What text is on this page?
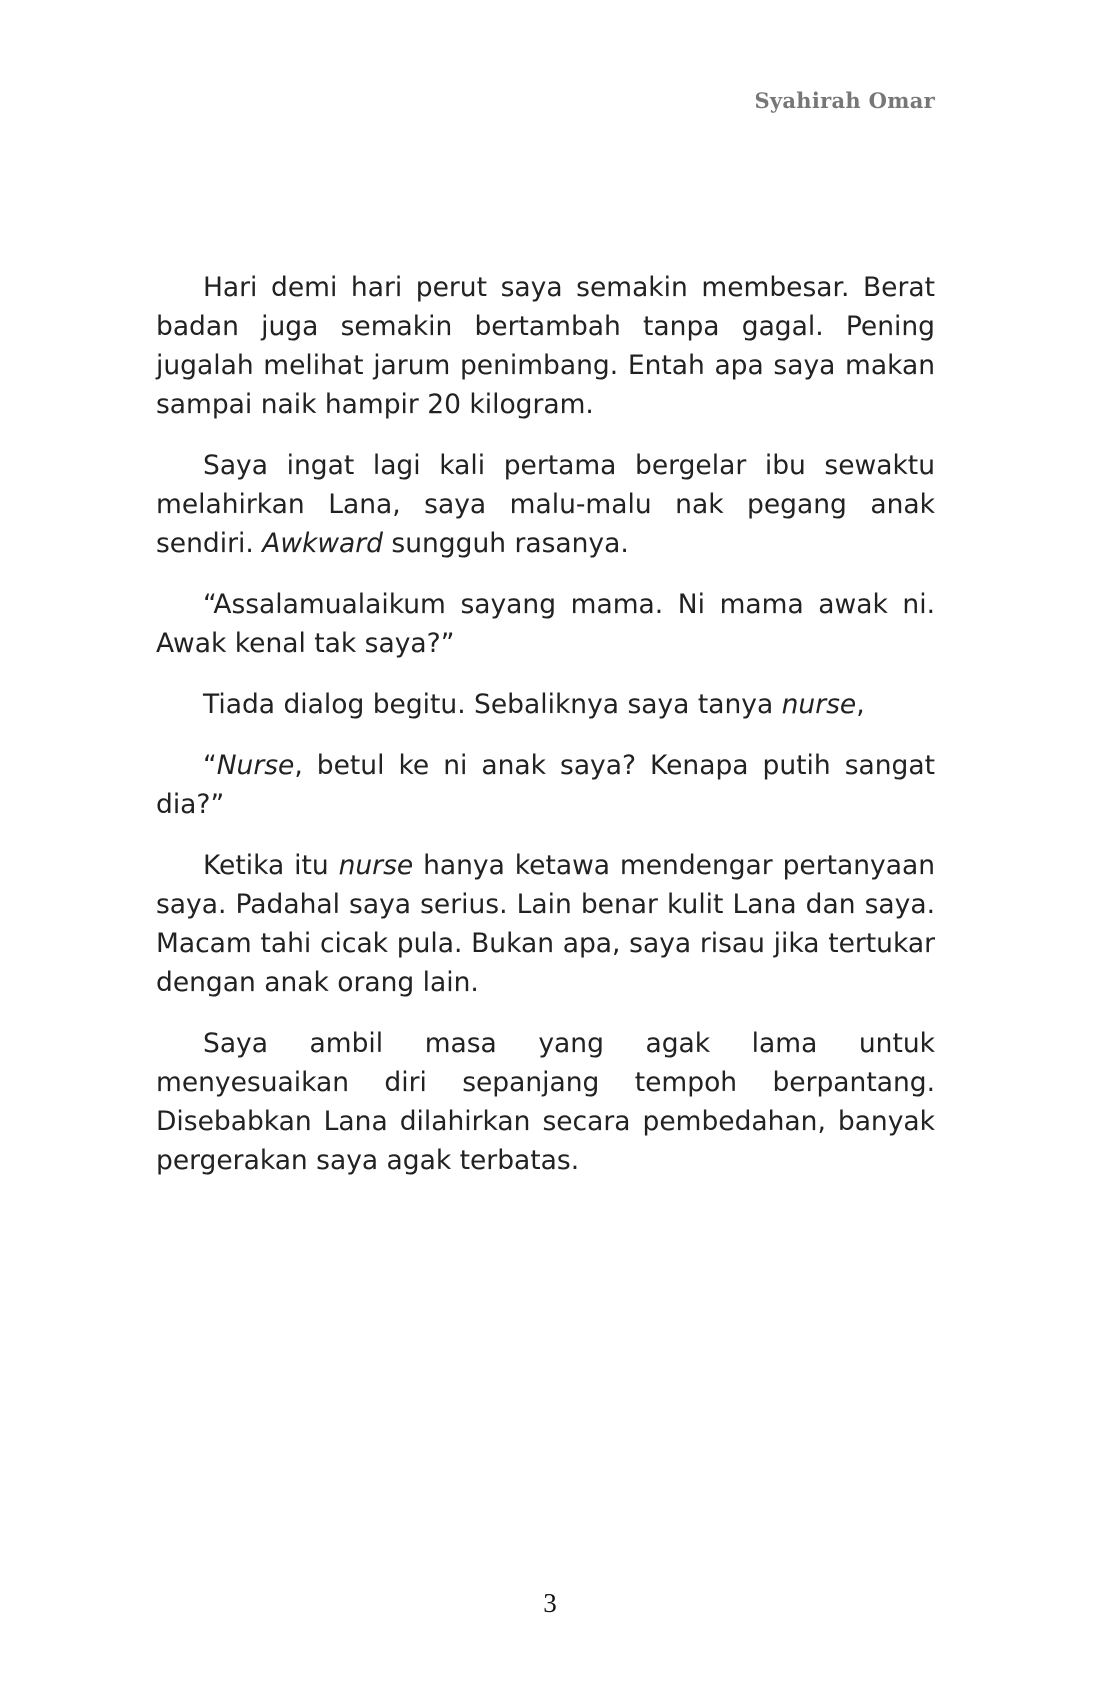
Syahirah Omar

Hari demi hari perut saya semakin membesar. Berat badan juga semakin bertambah tanpa gagal. Pening jugalah melihat jarum penimbang. Entah apa saya makan sampai naik hampir 20 kilogram.

Saya ingat lagi kali pertama bergelar ibu sewaktu melahirkan Lana, saya malu-malu nak pegang anak sendiri. Awkward sungguh rasanya.

“Assalamualaikum sayang mama. Ni mama awak ni. Awak kenal tak saya?”

Tiada dialog begitu. Sebaliknya saya tanya nurse,

“Nurse, betul ke ni anak saya? Kenapa putih sangat dia?”

Ketika itu nurse hanya ketawa mendengar pertanyaan saya. Padahal saya serius. Lain benar kulit Lana dan saya. Macam tahi cicak pula. Bukan apa, saya risau jika tertukar dengan anak orang lain.

Saya ambil masa yang agak lama untuk menyesuaikan diri sepanjang tempoh berpantang. Disebabkan Lana dilahirkan secara pembedahan, banyak pergerakan saya agak terbatas.

3
